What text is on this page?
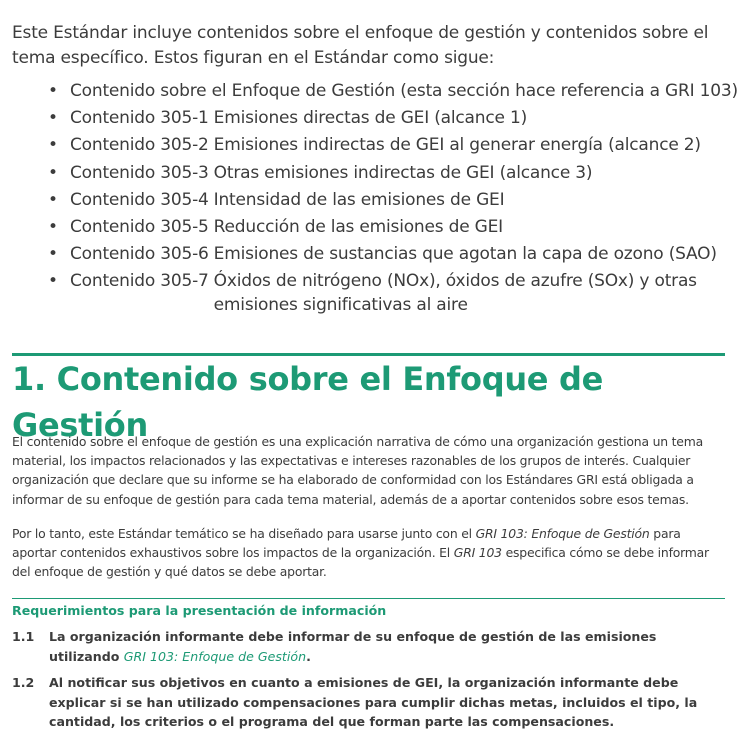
Este Estándar incluye contenidos sobre el enfoque de gestión y contenidos sobre el tema específico. Estos figuran en el Estándar como sigue:

• Contenido sobre el Enfoque de Gestión (esta sección hace referencia a GRI 103)
• Contenido 305-1 Emisiones directas de GEI (alcance 1)
• Contenido 305-2 Emisiones indirectas de GEI al generar energía (alcance 2)
• Contenido 305-3 Otras emisiones indirectas de GEI (alcance 3)
• Contenido 305-4 Intensidad de las emisiones de GEI
• Contenido 305-5 Reducción de las emisiones de GEI
• Contenido 305-6 Emisiones de sustancias que agotan la capa de ozono (SAO)
• Contenido 305-7 Óxidos de nitrógeno (NOx), óxidos de azufre (SOx) y otras emisiones significativas al aire
1. Contenido sobre el Enfoque de Gestión

El contenido sobre el enfoque de gestión es una explicación narrativa de cómo una organización gestiona un tema material, los impactos relacionados y las expectativas e intereses razonables de los grupos de interés. Cualquier organización que declare que su informe se ha elaborado de conformidad con los Estándares GRI está obligada a informar de su enfoque de gestión para cada tema material, además de a aportar contenidos sobre esos temas.

Por lo tanto, este Estándar temático se ha diseñado para usarse junto con el GRI 103: Enfoque de Gestión para aportar contenidos exhaustivos sobre los impactos de la organización. El GRI 103 especifica cómo se debe informar del enfoque de gestión y qué datos se debe aportar.

Requerimientos para la presentación de información
1.1	La organización informante debe informar de su enfoque de gestión de las emisiones utilizando GRI 103: Enfoque de Gestión.
1.2	Al notificar sus objetivos en cuanto a emisiones de GEI, la organización informante debe explicar si se han utilizado compensaciones para cumplir dichas metas, incluidos el tipo, la cantidad, los criterios o el programa del que forman parte las compensaciones.
